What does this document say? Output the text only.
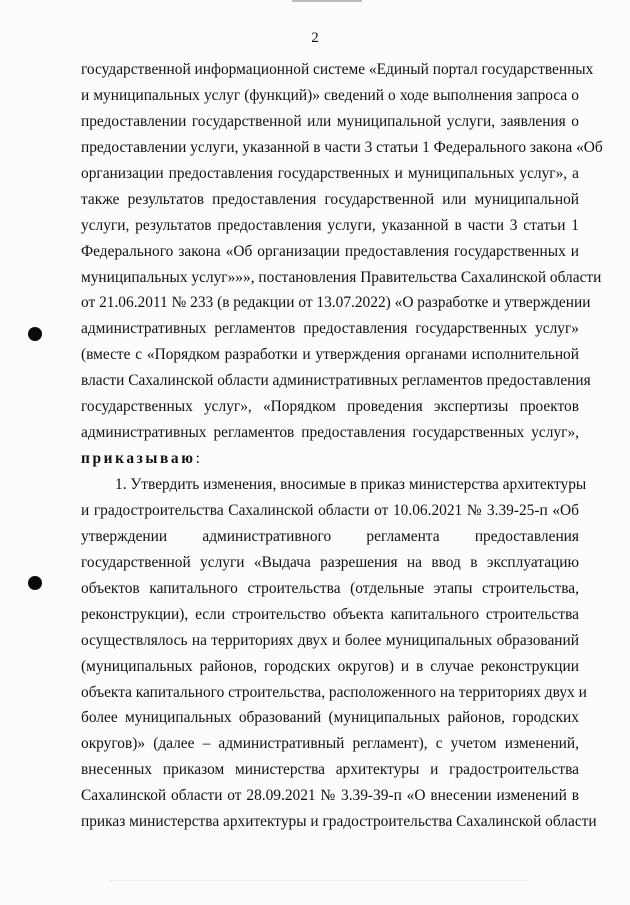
2
государственной информационной системе «Единый портал государственных
и муниципальных услуг (функций)» сведений о ходе выполнения запроса о
предоставлении государственной или муниципальной услуги, заявления о
предоставлении услуги, указанной в части 3 статьи 1 Федерального закона «Об
организации предоставления государственных и муниципальных услуг», а
также результатов предоставления государственной или муниципальной
услуги, результатов предоставления услуги, указанной в части 3 статьи 1
Федерального закона «Об организации предоставления государственных и
муниципальных услуг»»», постановления Правительства Сахалинской области
от 21.06.2011 № 233 (в редакции от 13.07.2022) «О разработке и утверждении
административных регламентов предоставления государственных услуг»
(вместе с «Порядком разработки и утверждения органами исполнительной
власти Сахалинской области административных регламентов предоставления
государственных услуг», «Порядком проведения экспертизы проектов
административных регламентов предоставления государственных услуг»,
приказываю:
1. Утвердить изменения, вносимые в приказ министерства архитектуры
и градостроительства Сахалинской области от 10.06.2021 № 3.39-25-п «Об
утверждении административного регламента предоставления
государственной услуги «Выдача разрешения на ввод в эксплуатацию
объектов капитального строительства (отдельные этапы строительства,
реконструкции), если строительство объекта капитального строительства
осуществлялось на территориях двух и более муниципальных образований
(муниципальных районов, городских округов) и в случае реконструкции
объекта капитального строительства, расположенного на территориях двух и
более муниципальных образований (муниципальных районов, городских
округов)» (далее – административный регламент), с учетом изменений,
внесенных приказом министерства архитектуры и градостроительства
Сахалинской области от 28.09.2021 № 3.39-39-п «О внесении изменений в
приказ министерства архитектуры и градостроительства Сахалинской области
